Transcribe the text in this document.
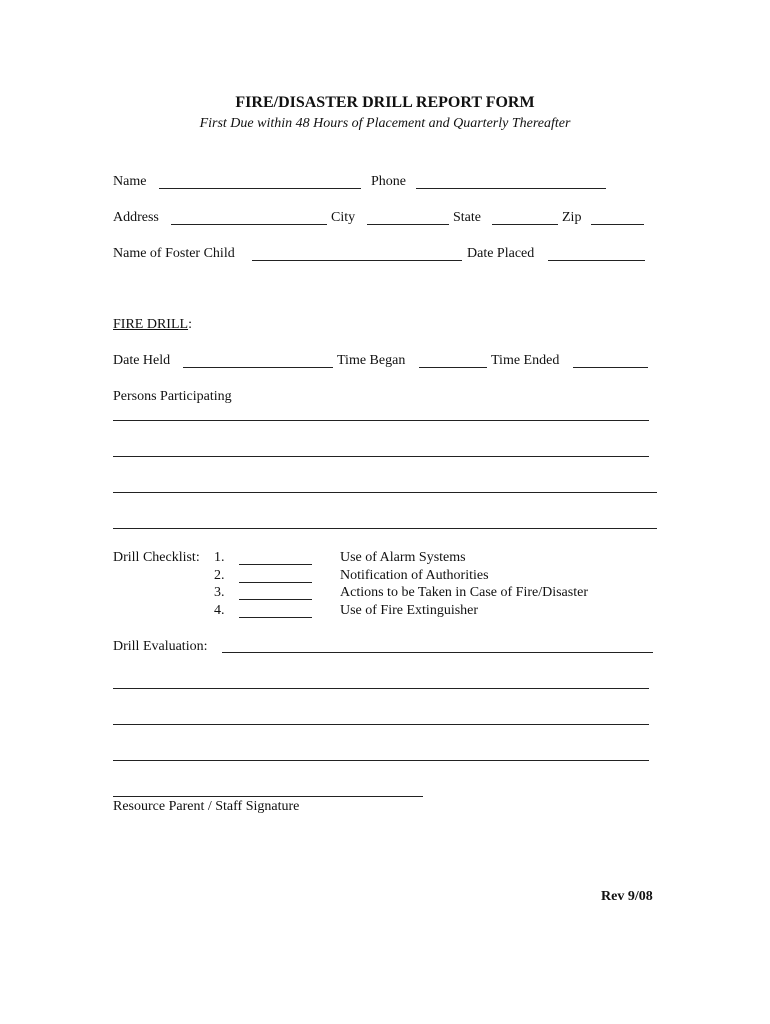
FIRE/DISASTER DRILL REPORT FORM
First Due within 48 Hours of Placement and Quarterly Thereafter
Name	Phone
Address	City	State	Zip
Name of Foster Child	Date Placed
FIRE DRILL:
Date Held	Time Began	Time Ended
Persons Participating
Drill Checklist: 1.	Use of Alarm Systems
2.	Notification of Authorities
3.	Actions to be Taken in Case of Fire/Disaster
4.	Use of Fire Extinguisher
Drill Evaluation:
Resource Parent / Staff Signature
Rev 9/08
